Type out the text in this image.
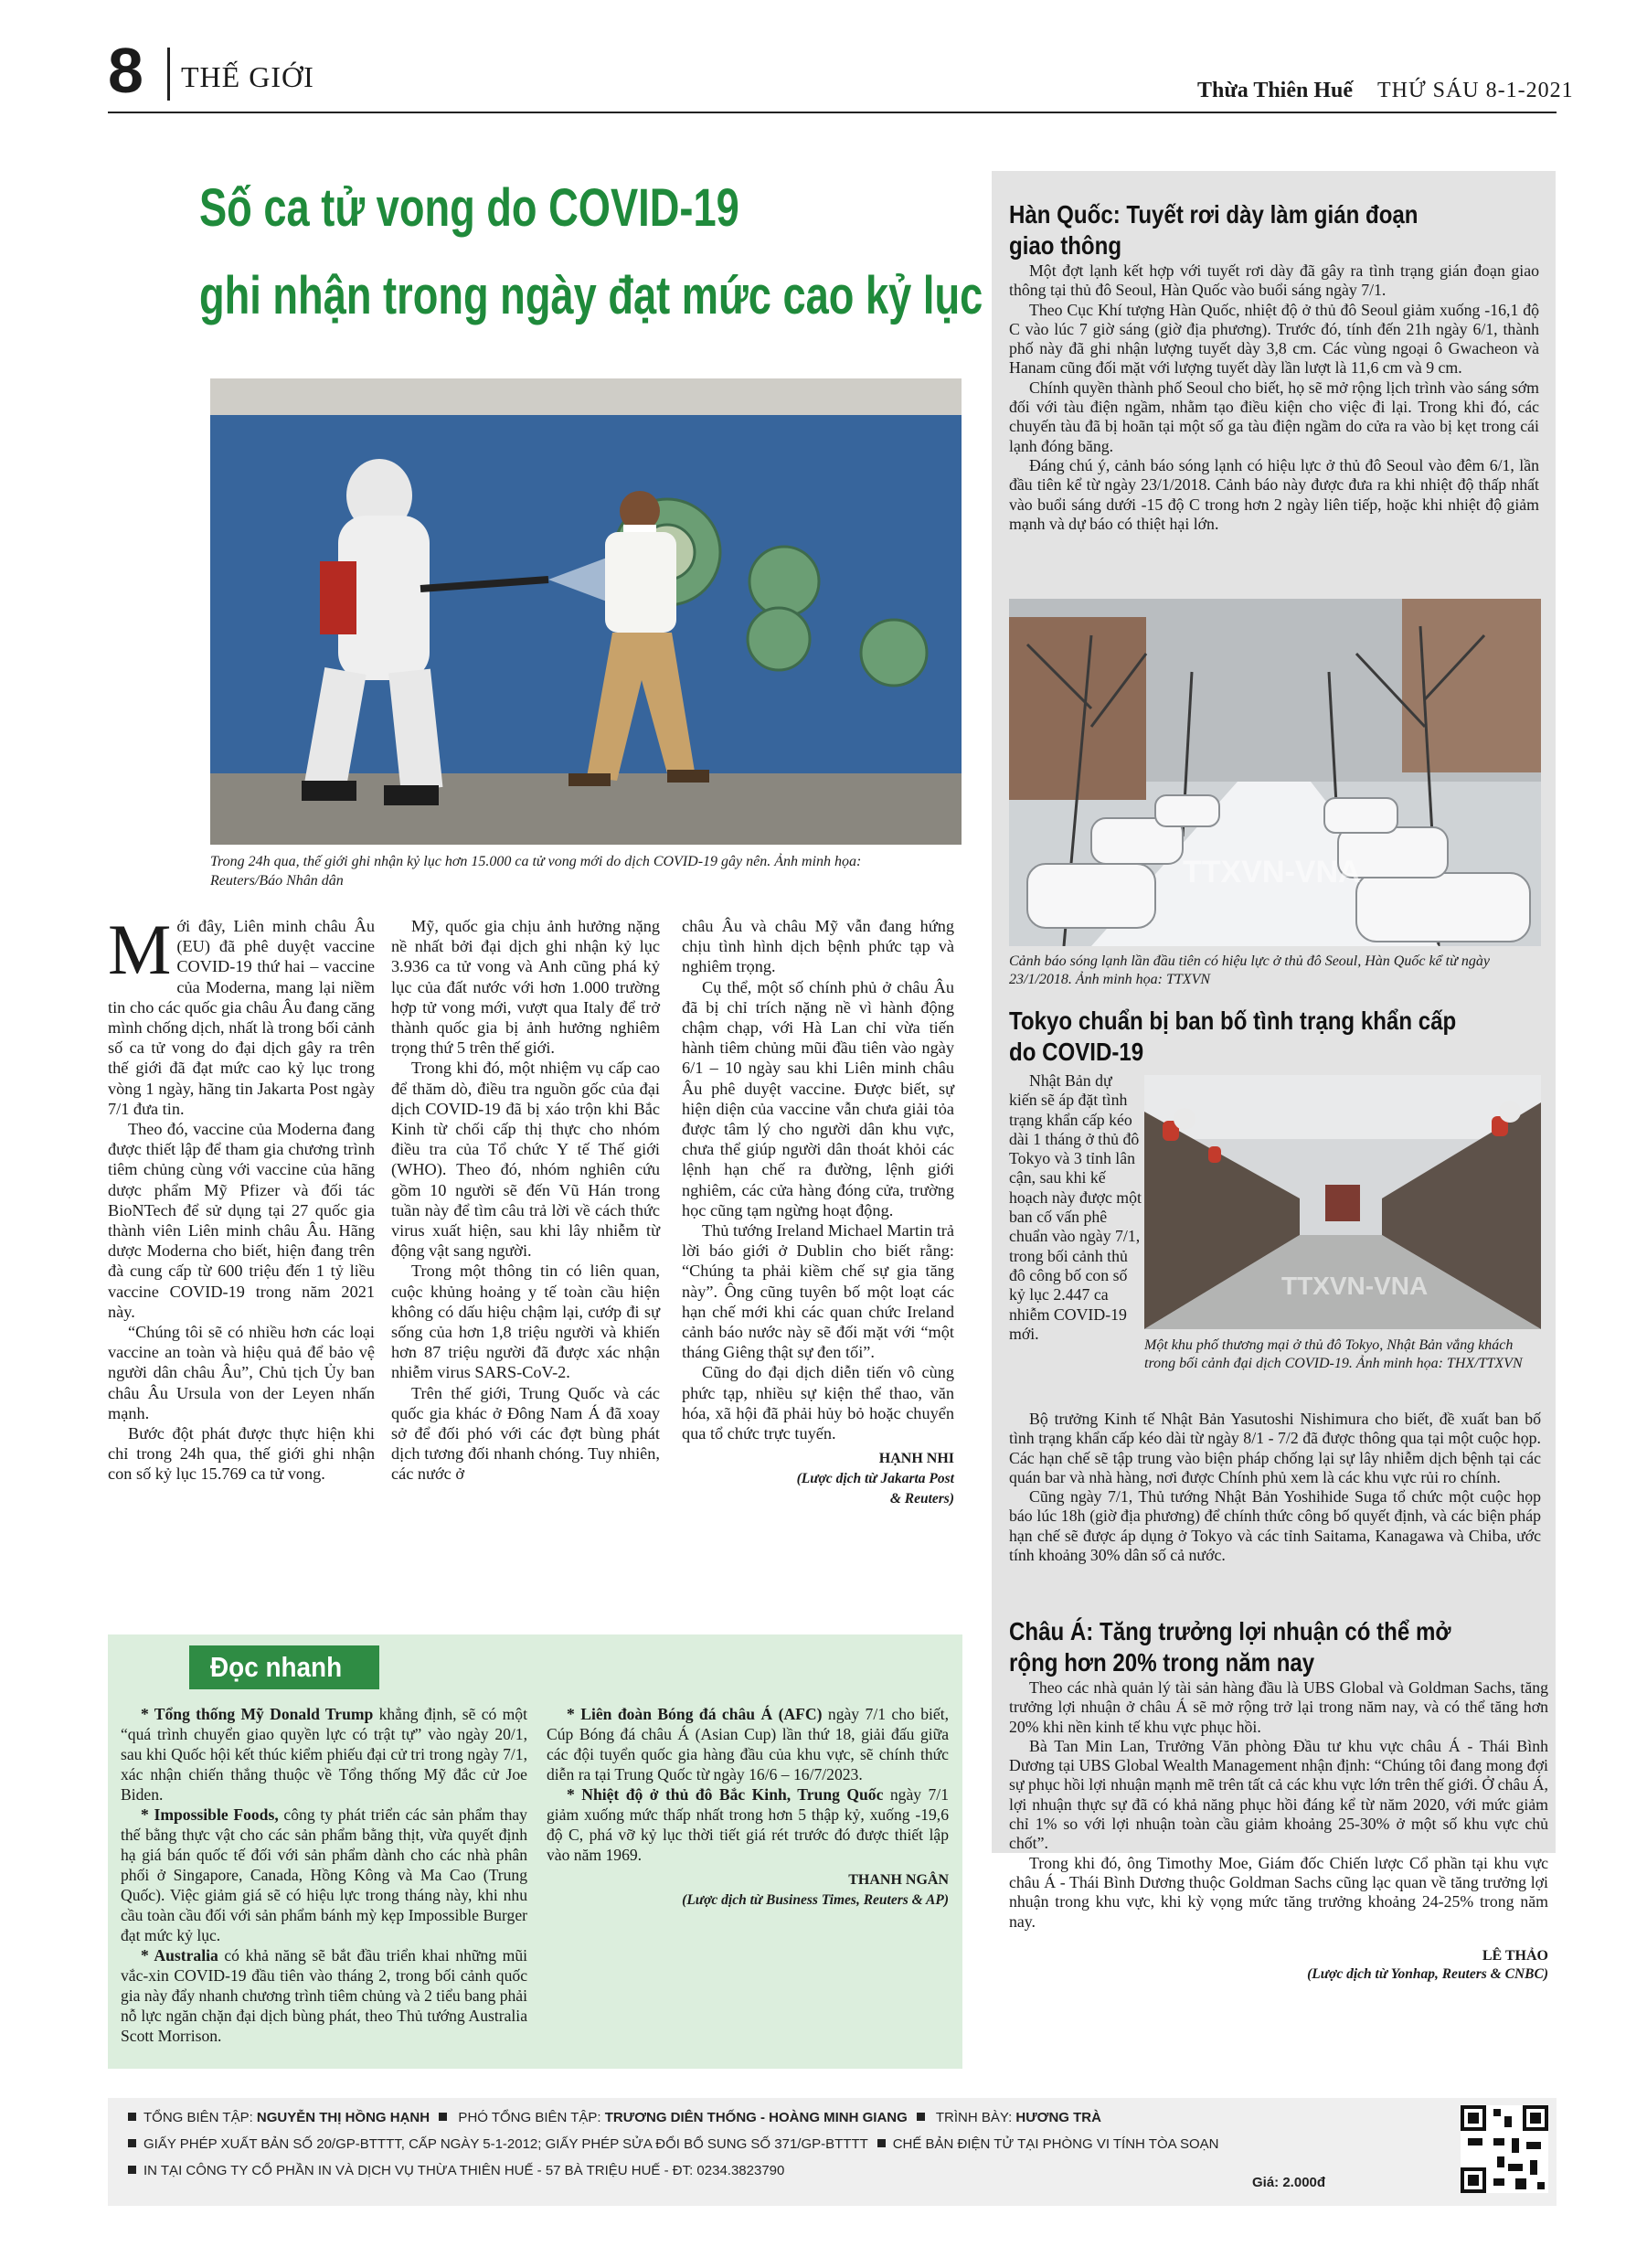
8 THẾ GIỚI	Thừa Thiên Huế THỨ SÁU 8-1-2021
Số ca tử vong do COVID-19
ghi nhận trong ngày đạt mức cao kỷ lục
Trong 24h qua, thế giới ghi nhận kỷ lục hơn 15.000 ca tử vong mới do dịch COVID-19 gây nên. Ảnh minh họa: Reuters/Báo Nhân dân

Mới đây, Liên minh châu Âu (EU) đã phê duyệt vaccine COVID-19 thứ hai – vaccine của Moderna, mang lại niềm tin cho các quốc gia châu Âu đang căng mình chống dịch, nhất là trong bối cảnh số ca tử vong do đại dịch gây ra trên thế giới đã đạt mức cao kỷ lục trong vòng 1 ngày, hãng tin Jakarta Post ngày 7/1 đưa tin.

Theo đó, vaccine của Moderna đang được thiết lập để tham gia chương trình tiêm chủng cùng với vaccine của hãng dược phẩm Mỹ Pfizer và đối tác BioNTech để sử dụng tại 27 quốc gia thành viên Liên minh châu Âu. Hãng dược Moderna cho biết, hiện đang trên đà cung cấp từ 600 triệu đến 1 tỷ liều vaccine COVID-19 trong năm 2021 này.

“Chúng tôi sẽ có nhiều hơn các loại vaccine an toàn và hiệu quả để bảo vệ người dân châu Âu”, Chủ tịch Ủy ban châu Âu Ursula von der Leyen nhấn mạnh.

Bước đột phát được thực hiện khi chỉ trong 24h qua, thế giới ghi nhận con số kỷ lục 15.769 ca tử vong.

Mỹ, quốc gia chịu ảnh hưởng nặng nề nhất bởi đại dịch ghi nhận kỷ lục 3.936 ca tử vong và Anh cũng phá kỷ lục của đất nước với hơn 1.000 trường hợp tử vong mới, vượt qua Italy để trở thành quốc gia bị ảnh hưởng nghiêm trọng thứ 5 trên thế giới.

Trong khi đó, một nhiệm vụ cấp cao để thăm dò, điều tra nguồn gốc của đại dịch COVID-19 đã bị xáo trộn khi Bắc Kinh từ chối cấp thị thực cho nhóm điều tra của Tổ chức Y tế Thế giới (WHO). Theo đó, nhóm nghiên cứu gồm 10 người sẽ đến Vũ Hán trong tuần này để tìm câu trả lời về cách thức virus xuất hiện, sau khi lây nhiễm từ động vật sang người.

Trong một thông tin có liên quan, cuộc khủng hoảng y tế toàn cầu hiện không có dấu hiệu chậm lại, cướp đi sự sống của hơn 1,8 triệu người và khiến hơn 87 triệu người đã được xác nhận nhiễm virus SARS-CoV-2.

Trên thế giới, Trung Quốc và các quốc gia khác ở Đông Nam Á đã xoay sở để đối phó với các đợt bùng phát dịch tương đối nhanh chóng. Tuy nhiên, các nước ở

châu Âu và châu Mỹ vẫn đang hứng chịu tình hình dịch bệnh phức tạp và nghiêm trọng.

Cụ thể, một số chính phủ ở châu Âu đã bị chỉ trích nặng nề vì hành động chậm chạp, với Hà Lan chỉ vừa tiến hành tiêm chủng mũi đầu tiên vào ngày 6/1 – 10 ngày sau khi Liên minh châu Âu phê duyệt vaccine. Được biết, sự hiện diện của vaccine vẫn chưa giải tỏa được tâm lý cho người dân khu vực, chưa thể giúp người dân thoát khỏi các lệnh hạn chế ra đường, lệnh giới nghiêm, các cửa hàng đóng cửa, trường học cũng tạm ngừng hoạt động.

Thủ tướng Ireland Michael Martin trả lời báo giới ở Dublin cho biết rằng: “Chúng ta phải kiềm chế sự gia tăng này”. Ông cũng tuyên bố một loạt các hạn chế mới khi các quan chức Ireland cảnh báo nước này sẽ đối mặt với “một tháng Giêng thật sự đen tối”.

Cũng do đại dịch diễn tiến vô cùng phức tạp, nhiều sự kiện thể thao, văn hóa, xã hội đã phải hủy bỏ hoặc chuyển qua tổ chức trực tuyến.

HẠNH NHI
(Lược dịch từ Jakarta Post
& Reuters)
Đọc nhanh

* Tổng thống Mỹ Donald Trump khẳng định, sẽ có một “quá trình chuyển giao quyền lực có trật tự” vào ngày 20/1, sau khi Quốc hội kết thúc kiểm phiếu đại cử tri trong ngày 7/1, xác nhận chiến thắng thuộc về Tổng thống Mỹ đắc cử Joe Biden.

* Impossible Foods, công ty phát triển các sản phẩm thay thế bằng thực vật cho các sản phẩm bằng thịt, vừa quyết định hạ giá bán quốc tế đối với sản phẩm dành cho các nhà phân phối ở Singapore, Canada, Hồng Kông và Ma Cao (Trung Quốc). Việc giảm giá sẽ có hiệu lực trong tháng này, khi nhu cầu toàn cầu đối với sản phẩm bánh mỳ kẹp Impossible Burger đạt mức kỷ lục.

* Australia có khả năng sẽ bắt đầu triển khai những mũi vắc-xin COVID-19 đầu tiên vào tháng 2, trong bối cảnh quốc gia này đẩy nhanh chương trình tiêm chủng và 2 tiểu bang phải nỗ lực ngăn chặn đại dịch bùng phát, theo Thủ tướng Australia Scott Morrison.

* Liên đoàn Bóng đá châu Á (AFC) ngày 7/1 cho biết, Cúp Bóng đá châu Á (Asian Cup) lần thứ 18, giải đấu giữa các đội tuyển quốc gia hàng đầu của khu vực, sẽ chính thức diễn ra tại Trung Quốc từ ngày 16/6 – 16/7/2023.

* Nhiệt độ ở thủ đô Bắc Kinh, Trung Quốc ngày 7/1 giảm xuống mức thấp nhất trong hơn 5 thập kỷ, xuống -19,6 độ C, phá vỡ kỷ lục thời tiết giá rét trước đó được thiết lập vào năm 1969.

THANH NGÂN
(Lược dịch từ Business Times, Reuters & AP)
Hàn Quốc: Tuyết rơi dày làm gián đoạn
giao thông

Một đợt lạnh kết hợp với tuyết rơi dày đã gây ra tình trạng gián đoạn giao thông tại thủ đô Seoul, Hàn Quốc vào buổi sáng ngày 7/1.

Theo Cục Khí tượng Hàn Quốc, nhiệt độ ở thủ đô Seoul giảm xuống -16,1 độ C vào lúc 7 giờ sáng (giờ địa phương). Trước đó, tính đến 21h ngày 6/1, thành phố này đã ghi nhận lượng tuyết dày 3,8 cm. Các vùng ngoại ô Gwacheon và Hanam cũng đối mặt với lượng tuyết dày lần lượt là 11,6 cm và 9 cm.

Chính quyền thành phố Seoul cho biết, họ sẽ mở rộng lịch trình vào sáng sớm đối với tàu điện ngầm, nhằm tạo điều kiện cho việc đi lại. Trong khi đó, các chuyến tàu đã bị hoãn tại một số ga tàu điện ngầm do cửa ra vào bị kẹt trong cái lạnh đóng băng.

Đáng chú ý, cảnh báo sóng lạnh có hiệu lực ở thủ đô Seoul vào đêm 6/1, lần đầu tiên kể từ ngày 23/1/2018. Cảnh báo này được đưa ra khi nhiệt độ thấp nhất vào buổi sáng dưới -15 độ C trong hơn 2 ngày liên tiếp, hoặc khi nhiệt độ giảm mạnh và dự báo có thiệt hại lớn.

TTXVN-VNA
Cảnh báo sóng lạnh lần đầu tiên có hiệu lực ở thủ đô Seoul, Hàn Quốc kể từ ngày 23/1/2018. Ảnh minh họa: TTXVN
Tokyo chuẩn bị ban bố tình trạng khẩn cấp
do COVID-19

Nhật Bản dự kiến sẽ áp đặt tình trạng khẩn cấp kéo dài 1 tháng ở thủ đô Tokyo và 3 tỉnh lân cận, sau khi kế hoạch này được một ban cố vấn phê chuẩn vào ngày 7/1, trong bối cảnh thủ đô công bố con số kỷ lục 2.447 ca nhiễm COVID-19 mới.

TTXVN-VNA
Một khu phố thương mại ở thủ đô Tokyo, Nhật Bản vắng khách trong bối cảnh đại dịch COVID-19. Ảnh minh họa: THX/TTXVN

Bộ trưởng Kinh tế Nhật Bản Yasutoshi Nishimura cho biết, đề xuất ban bố tình trạng khẩn cấp kéo dài từ ngày 8/1 - 7/2 đã được thông qua tại một cuộc họp. Các hạn chế sẽ tập trung vào biện pháp chống lại sự lây nhiễm dịch bệnh tại các quán bar và nhà hàng, nơi được Chính phủ xem là các khu vực rủi ro chính.

Cũng ngày 7/1, Thủ tướng Nhật Bản Yoshihide Suga tổ chức một cuộc họp báo lúc 18h (giờ địa phương) để chính thức công bố quyết định, và các biện pháp hạn chế sẽ được áp dụng ở Tokyo và các tỉnh Saitama, Kanagawa và Chiba, ước tính khoảng 30% dân số cả nước.

Châu Á: Tăng trưởng lợi nhuận có thể mở
rộng hơn 20% trong năm nay

Theo các nhà quản lý tài sản hàng đầu là UBS Global và Goldman Sachs, tăng trưởng lợi nhuận ở châu Á sẽ mở rộng trở lại trong năm nay, và có thể tăng hơn 20% khi nền kinh tế khu vực phục hồi.

Bà Tan Min Lan, Trưởng Văn phòng Đầu tư khu vực châu Á - Thái Bình Dương tại UBS Global Wealth Management nhận định: “Chúng tôi đang mong đợi sự phục hồi lợi nhuận mạnh mẽ trên tất cả các khu vực lớn trên thế giới. Ở châu Á, lợi nhuận thực sự đã có khả năng phục hồi đáng kể từ năm 2020, với mức giảm chỉ 1% so với lợi nhuận toàn cầu giảm khoảng 25-30% ở một số khu vực chủ chốt”.

Trong khi đó, ông Timothy Moe, Giám đốc Chiến lược Cổ phần tại khu vực châu Á - Thái Bình Dương thuộc Goldman Sachs cũng lạc quan về tăng trưởng lợi nhuận trong khu vực, khi kỳ vọng mức tăng trưởng khoảng 24-25% trong năm nay.

LÊ THẢO
(Lược dịch từ Yonhap, Reuters & CNBC)
TỔNG BIÊN TẬP: NGUYỄN THỊ HỒNG HẠNH  PHÓ TỔNG BIÊN TẬP: TRƯƠNG DIÊN THỐNG - HOÀNG MINH GIANG  TRÌNH BÀY: HƯƠNG TRÀ
GIẤY PHÉP XUẤT BẢN SỐ 20/GP-BTTTT, CẤP NGÀY 5-1-2012; GIẤY PHÉP SỬA ĐỔI BỔ SUNG SỐ 371/GP-BTTTT CHẾ BẢN ĐIỆN TỬ TẠI PHÒNG VI TÍNH TÒA SOẠN
IN TẠI CÔNG TY CỔ PHẦN IN VÀ DỊCH VỤ THỪA THIÊN HUẾ - 57 BÀ TRIỆU HUẾ - ĐT: 0234.3823790
Giá: 2.000đ
